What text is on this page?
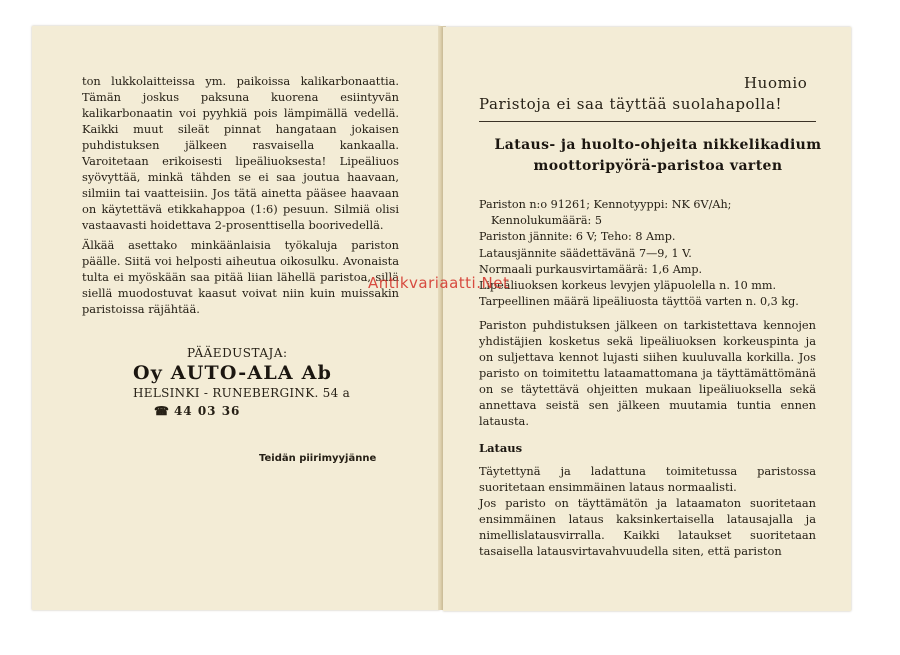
ton lukkolaitteissa ym. paikoissa kalikarbonaattia. Tämän joskus paksuna kuorena esiintyvän kalikarbonaatin voi pyyhkiä pois lämpimällä vedellä. Kaikki muut sileät pinnat hangataan jokaisen puhdistuksen jälkeen rasvaisella kankaalla. Varoitetaan erikoisesti lipeäliuoksesta! Lipeäliuos syövyttää, minkä tähden se ei saa joutua haavaan, silmiin tai vaatteisiin. Jos tätä ainetta pääsee haavaan on käytettävä etikkahappoa (1:6) pesuun. Silmiä olisi vastaavasti hoidettava 2-prosenttisella boorivedellä.

Älkää asettako minkäänlaisia työkaluja pariston päälle. Siitä voi helposti aiheutua oikosulku. Avonaista tulta ei myöskään saa pitää liian lähellä paristoa, sillä siellä muodostuvat kaasut voivat niin kuin muissakin paristoissa räjähtää.

PÄÄEDUSTAJA:
Oy AUTO-ALA Ab
HELSINKI - RUNEBERGINK. 54 a
☎ 44 03 36
Teidän piirimyyjänne
Huomio
Paristoja ei saa täyttää suolahapolla!
Lataus- ja huolto-ohjeita nikkelikadium moottoripyörä-paristoa varten
Pariston n:o 91261; Kennotyyppi: NK 6V/Ah; Kennolukumäärä: 5
Pariston jännite: 6 V; Teho: 8 Amp.
Latausjännite säädettävänä 7—9, 1 V.
Normaali purkausvirtamäärä: 1,6 Amp.
Lipeäliuoksen korkeus levyjen yläpuolella n. 10 mm.
Tarpeellinen määrä lipeäliuosta täyttöä varten n. 0,3 kg.

Pariston puhdistuksen jälkeen on tarkistettava kennojen yhdistäjien kosketus sekä lipeäliuoksen korkeuspinta ja on suljettava kennot lujasti siihen kuuluvalla korkilla. Jos paristo on toimitettu lataamattomana ja täyttämättömänä on se täytettävä ohjeitten mukaan lipeäliuoksella sekä annettava seistä sen jälkeen muutamia tuntia ennen latausta.

Lataus

Täytettynä ja ladattuna toimitetussa paristossa suoritetaan ensimmäinen lataus normaalisti.

Jos paristo on täyttämätön ja lataamaton suoritetaan ensimmäinen lataus kaksinkertaisella latausajalla ja nimellislatausvirralla. Kaikki lataukset suoritetaan tasaisella latausvirtavahvuudella siten, että pariston

Antikvariaatti.Net
